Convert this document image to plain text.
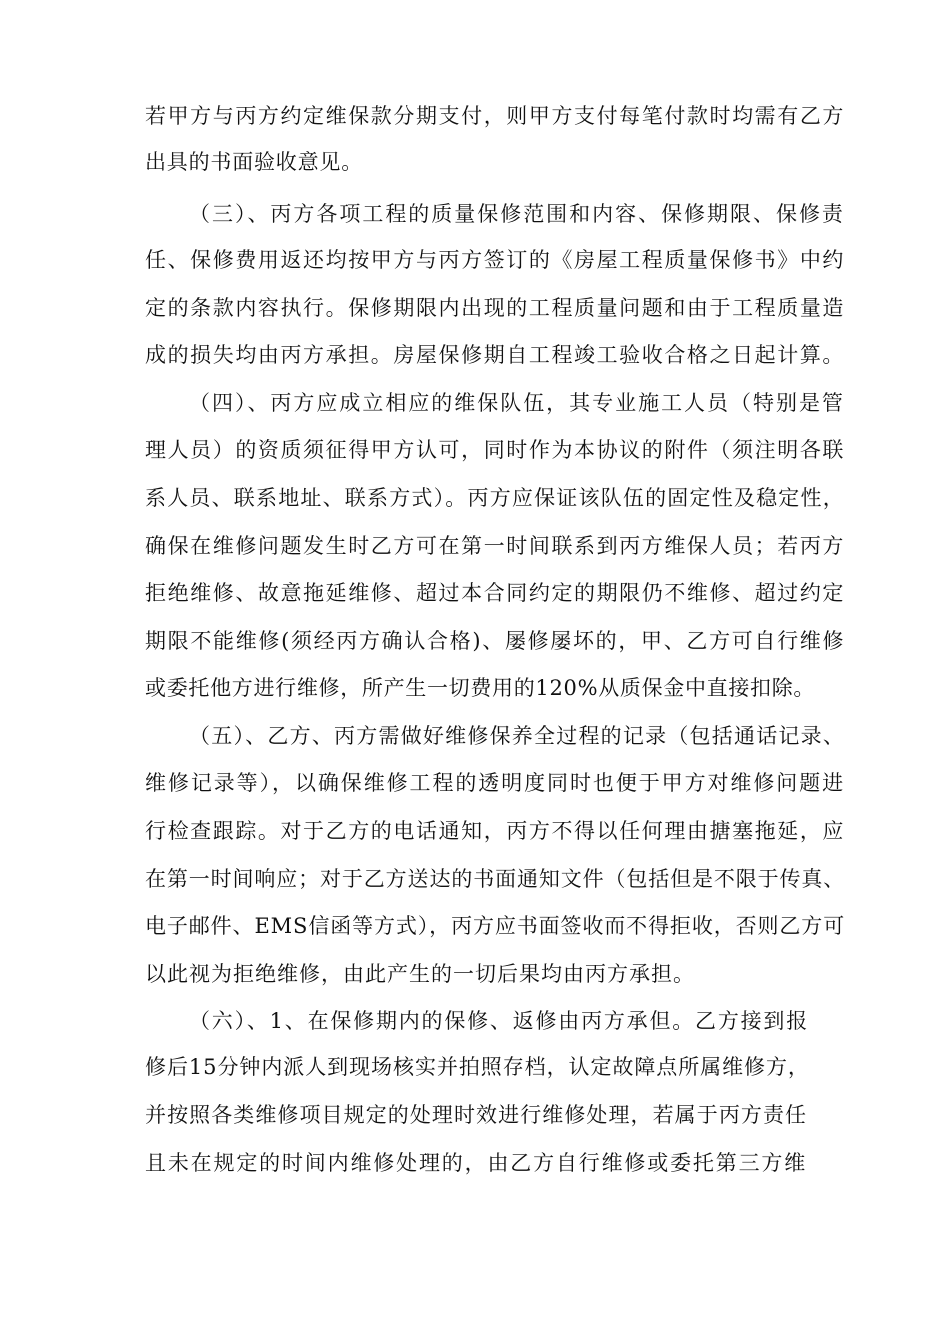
若甲方与丙方约定维保款分期支付，则甲方支付每笔付款时均需有乙方
出具的书面验收意见。
（三）、丙方各项工程的质量保修范围和内容、保修期限、保修责
任、保修费用返还均按甲方与丙方签订的《房屋工程质量保修书》中约
定的条款内容执行。保修期限内出现的工程质量问题和由于工程质量造
成的损失均由丙方承担。房屋保修期自工程竣工验收合格之日起计算。
（四）、丙方应成立相应的维保队伍，其专业施工人员（特别是管
理人员）的资质须征得甲方认可，同时作为本协议的附件（须注明各联
系人员、联系地址、联系方式）。丙方应保证该队伍的固定性及稳定性，
确保在维修问题发生时乙方可在第一时间联系到丙方维保人员；若丙方
拒绝维修、故意拖延维修、超过本合同约定的期限仍不维修、超过约定
期限不能维修(须经丙方确认合格)、屡修屡坏的，甲、乙方可自行维修
或委托他方进行维修，所产生一切费用的120%从质保金中直接扣除。
（五）、乙方、丙方需做好维修保养全过程的记录（包括通话记录、
维修记录等），以确保维修工程的透明度同时也便于甲方对维修问题进
行检查跟踪。对于乙方的电话通知，丙方不得以任何理由搪塞拖延，应
在第一时间响应；对于乙方送达的书面通知文件（包括但是不限于传真、
电子邮件、EMS信函等方式），丙方应书面签收而不得拒收，否则乙方可
以此视为拒绝维修，由此产生的一切后果均由丙方承担。
（六）、1、在保修期内的保修、返修由丙方承但。乙方接到报
修后15分钟内派人到现场核实并拍照存档，认定故障点所属维修方，
并按照各类维修项目规定的处理时效进行维修处理，若属于丙方责任
且未在规定的时间内维修处理的，由乙方自行维修或委托第三方维
